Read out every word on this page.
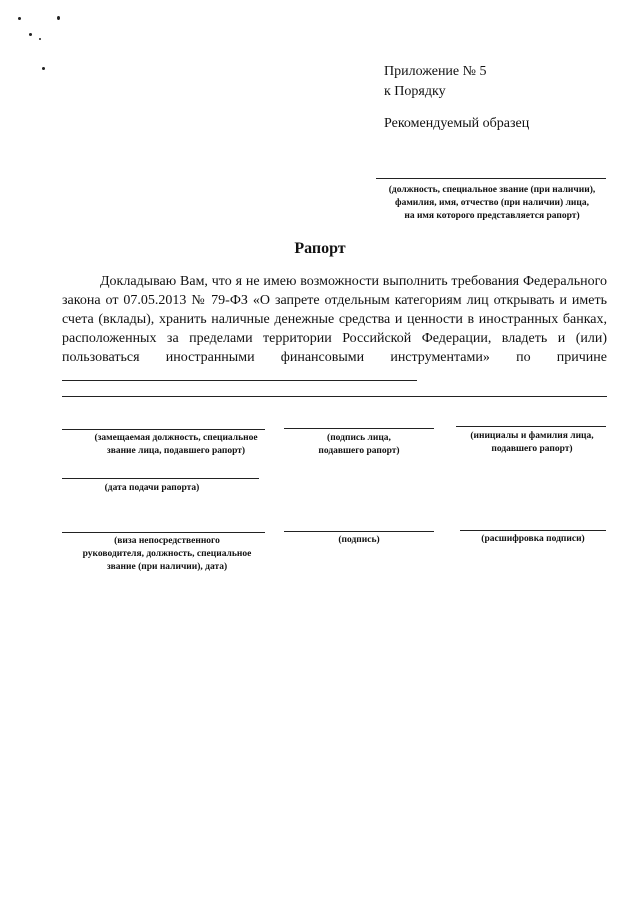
Приложение № 5
к Порядку
Рекомендуемый образец
(должность, специальное звание (при наличии),
фамилия, имя, отчество (при наличии) лица,
на имя которого представляется рапорт)
Рапорт

Докладываю Вам, что я не имею возможности выполнить требования Федерального закона от 07.05.2013 № 79-ФЗ «О запрете отдельным категориям лиц открывать и иметь счета (вклады), хранить наличные денежные средства и ценности в иностранных банках, расположенных за пределами территории Российской Федерации, владеть и (или) пользоваться иностранными финансовыми инструментами» по причине

(замещаемая должность, специальное
звание лица, подавшего рапорт)
(подпись лица,
подавшего рапорт)
(инициалы и фамилия лица,
подавшего рапорт)
(дата подачи рапорта)
(виза непосредственного
руководителя, должность, специальное
звание (при наличии), дата)
(подпись)	(расшифровка подписи)
